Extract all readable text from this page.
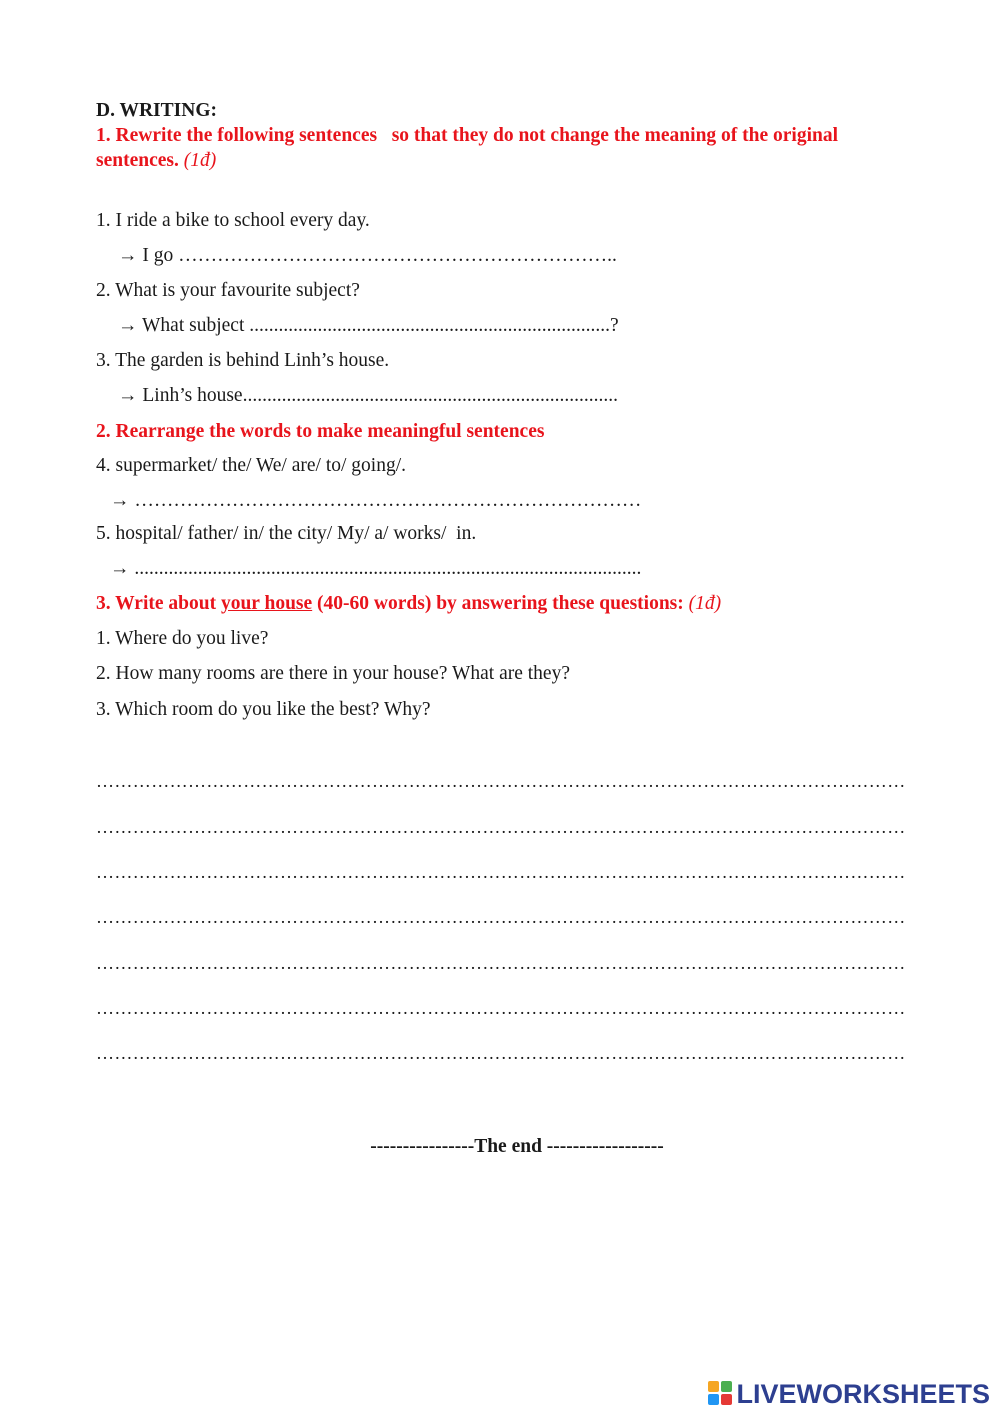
D. WRITING:
1. Rewrite the following sentences   so that they do not change the meaning of the original
sentences. (1đ)
1. I ride a bike to school every day.
→ I go …………………………………………………………..
2. What is your favourite subject?
→ What subject ..........................................................................?
3. The garden is behind Linh’s house.
→ Linh’s house.............................................................................
2. Rearrange the words to make meaningful sentences
4. supermarket/ the/ We/ are/ to/ going/.
→ ……………………………………………………………………
5. hospital/ father/ in/ the city/ My/ a/ works/  in.
→ ........................................................................................................
3. Write about your house (40-60 words) by answering these questions: (1đ)
1. Where do you live?
2. How many rooms are there in your house? What are they?
3. Which room do you like the best? Why?
……………………………………………………………………………………………………………………
……………………………………………………………………………………………………………………
……………………………………………………………………………………………………………………
……………………………………………………………………………………………………………………
……………………………………………………………………………………………………………………
……………………………………………………………………………………………………………………
……………………………………………………………………………………………………………………
----------------The end ------------------
LIVEWORKSHEETS
